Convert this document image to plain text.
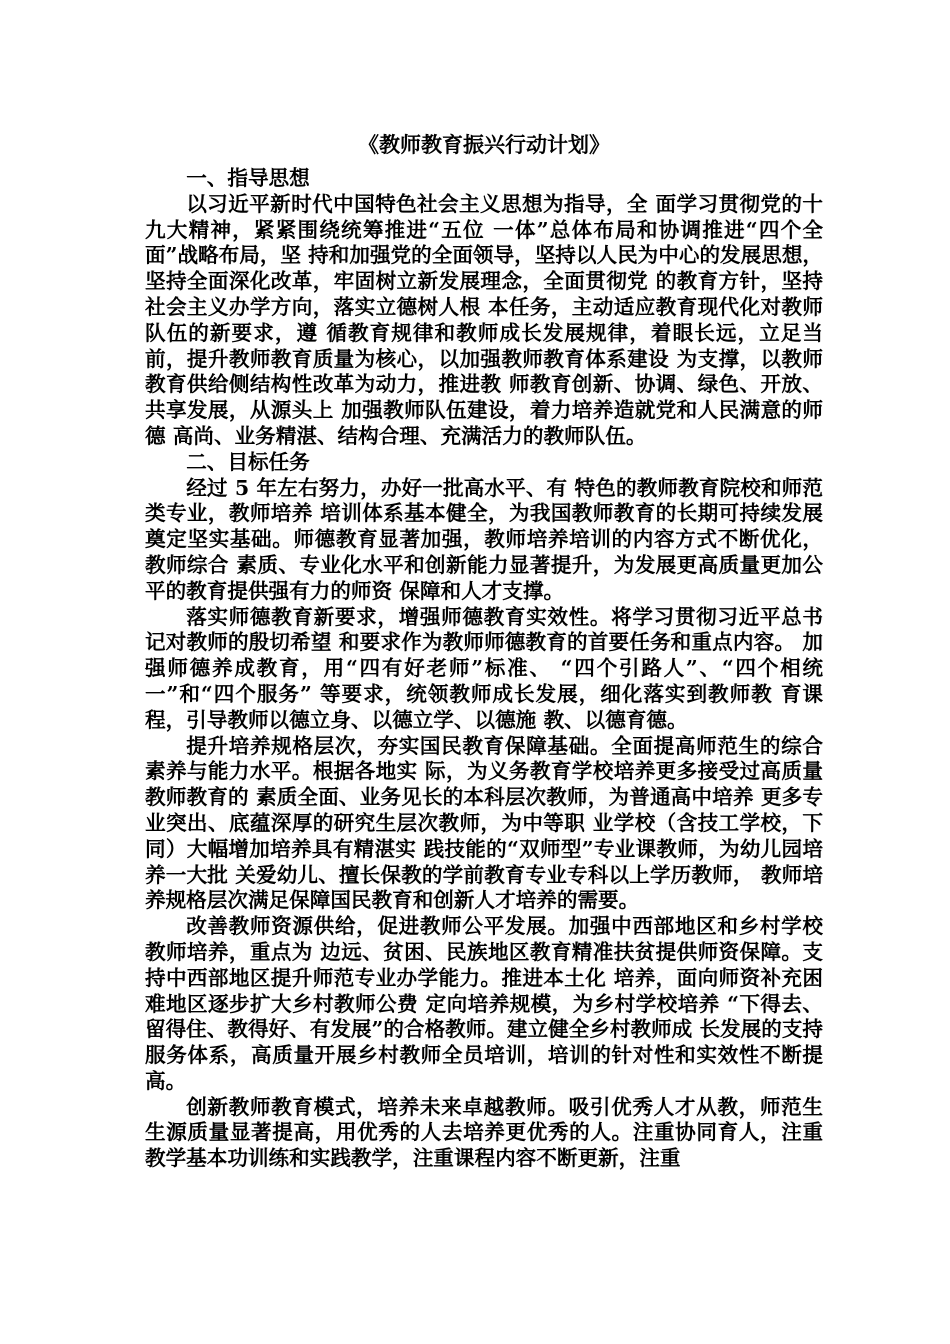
《教师教育振兴行动计划》

一、指导思想

以习近平新时代中国特色社会主义思想为指导，全 面学习贯彻党的十九大精神，紧紧围绕统筹推进“五位 一体”总体布局和协调推进“四个全面”战略布局，坚 持和加强党的全面领导，坚持以人民为中心的发展思想，坚持全面深化改革，牢固树立新发展理念，全面贯彻党 的教育方针，坚持社会主义办学方向，落实立德树人根 本任务，主动适应教育现代化对教师队伍的新要求，遵 循教育规律和教师成长发展规律，着眼长远，立足当前，提升教师教育质量为核心，以加强教师教育体系建设 为支撑，以教师教育供给侧结构性改革为动力，推进教 师教育创新、协调、绿色、开放、共享发展，从源头上 加强教师队伍建设，着力培养造就党和人民满意的师德 高尚、业务精湛、结构合理、充满活力的教师队伍。

二、目标任务

经过 5 年左右努力，办好一批高水平、有 特色的教师教育院校和师范类专业，教师培养 培训体系基本健全，为我国教师教育的长期可持续发展奠定坚实基础。师德教育显著加强，教师培养培训的内容方式不断优化，教师综合 素质、专业化水平和创新能力显著提升，为发展更高质量更加公平的教育提供强有力的师资 保障和人才支撑。

落实师德教育新要求，增强师德教育实效性。将学习贯彻习近平总书记对教师的殷切希望 和要求作为教师师德教育的首要任务和重点内容。 加强师德养成教育，用“四有好老师”标准、 “四个引路人”、“四个相统一”和“四个服务” 等要求，统领教师成长发展，细化落实到教师教 育课程，引导教师以德立身、以德立学、以德施 教、以德育德。

提升培养规格层次，夯实国民教育保障基础。全面提高师范生的综合素养与能力水平。根据各地实 际，为义务教育学校培养更多接受过高质量教师教育的 素质全面、业务见长的本科层次教师，为普通高中培养 更多专业突出、底蕴深厚的研究生层次教师，为中等职 业学校（含技工学校，下同）大幅增加培养具有精湛实 践技能的“双师型”专业课教师，为幼儿园培养一大批 关爱幼儿、擅长保教的学前教育专业专科以上学历教师， 教师培养规格层次满足保障国民教育和创新人才培养的需要。

改善教师资源供给，促进教师公平发展。加强中西部地区和乡村学校教师培养，重点为 边远、贫困、民族地区教育精准扶贫提供师资保障。支持中西部地区提升师范专业办学能力。推进本土化 培养，面向师资补充困难地区逐步扩大乡村教师公费 定向培养规模，为乡村学校培养 “下得去、留得住、教得好、有发展”的合格教师。建立健全乡村教师成 长发展的支持服务体系，高质量开展乡村教师全员培训，培训的针对性和实效性不断提高。

创新教师教育模式，培养未来卓越教师。吸引优秀人才从教，师范生生源质量显著提高，用优秀的人去培养更优秀的人。注重协同育人，注重 教学基本功训练和实践教学，注重课程内容不断更新，注重
